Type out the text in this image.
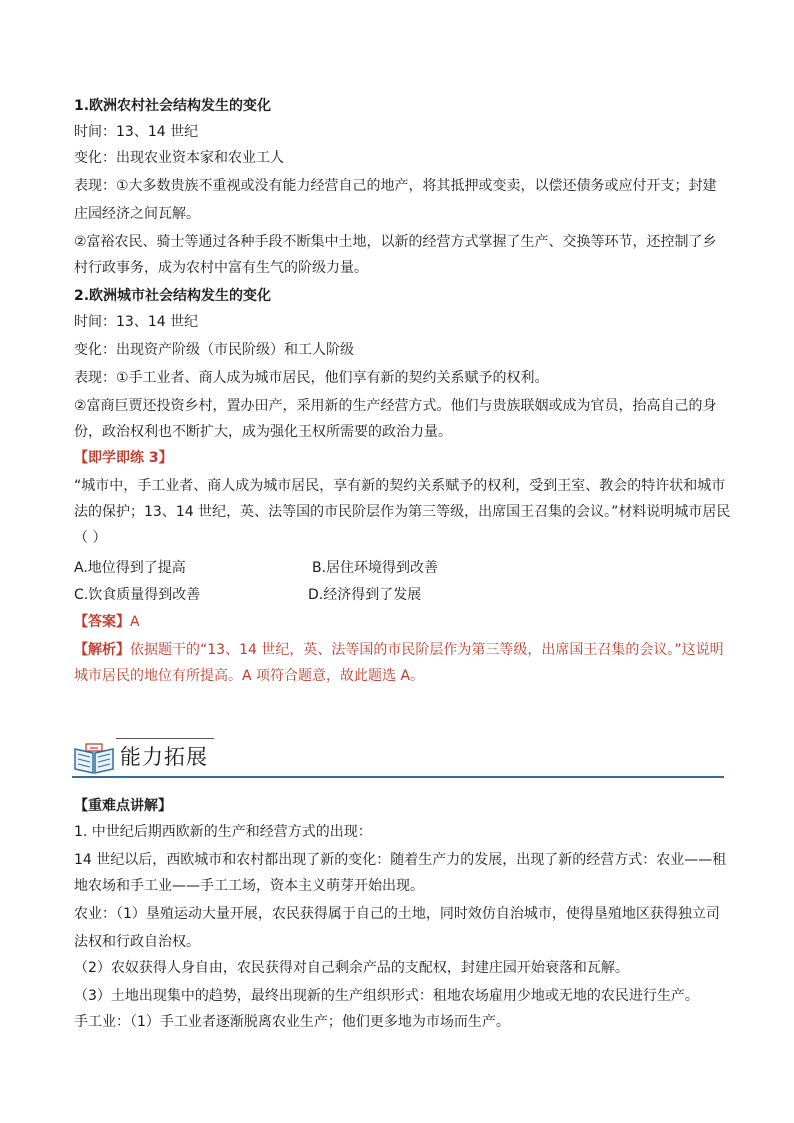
1.欧洲农村社会结构发生的变化
时间：13、14 世纪
变化：出现农业资本家和农业工人
表现：①大多数贵族不重视或没有能力经营自己的地产，将其抵押或变卖，以偿还债务或应付开支；封建
庄园经济之间瓦解。
②富裕农民、骑士等通过各种手段不断集中土地，以新的经营方式掌握了生产、交换等环节，还控制了乡
村行政事务，成为农村中富有生气的阶级力量。
2.欧洲城市社会结构发生的变化
时间：13、14 世纪
变化：出现资产阶级（市民阶级）和工人阶级
表现：①手工业者、商人成为城市居民，他们享有新的契约关系赋予的权利。
②富商巨贾还投资乡村，置办田产，采用新的生产经营方式。他们与贵族联姻或成为官员，抬高自己的身
份，政治权利也不断扩大，成为强化王权所需要的政治力量。
【即学即练 3】
“城市中，手工业者、商人成为城市居民，享有新的契约关系赋予的权利，受到王室、教会的特许状和城市
法的保护；13、14 世纪，英、法等国的市民阶层作为第三等级，出席国王召集的会议。”材料说明城市居民
（ ）
A.地位得到了提高	B.居住环境得到改善
C.饮食质量得到改善	D.经济得到了发展
【答案】A
【解析】依据题干的“13、14 世纪，英、法等国的市民阶层作为第三等级，出席国王召集的会议。”这说明
城市居民的地位有所提高。A 项符合题意，故此题选 A。
能力拓展
【重难点讲解】
1. 中世纪后期西欧新的生产和经营方式的出现：
14 世纪以后，西欧城市和农村都出现了新的变化：随着生产力的发展，出现了新的经营方式：农业——租
地农场和手工业——手工工场，资本主义萌芽开始出现。
农业：（1）垦殖运动大量开展，农民获得属于自己的土地，同时效仿自治城市，使得垦殖地区获得独立司
法权和行政自治权。
（2）农奴获得人身自由，农民获得对自己剩余产品的支配权，封建庄园开始衰落和瓦解。
（3）土地出现集中的趋势，最终出现新的生产组织形式：租地农场雇用少地或无地的农民进行生产。
手工业：（1）手工业者逐渐脱离农业生产；他们更多地为市场而生产。
